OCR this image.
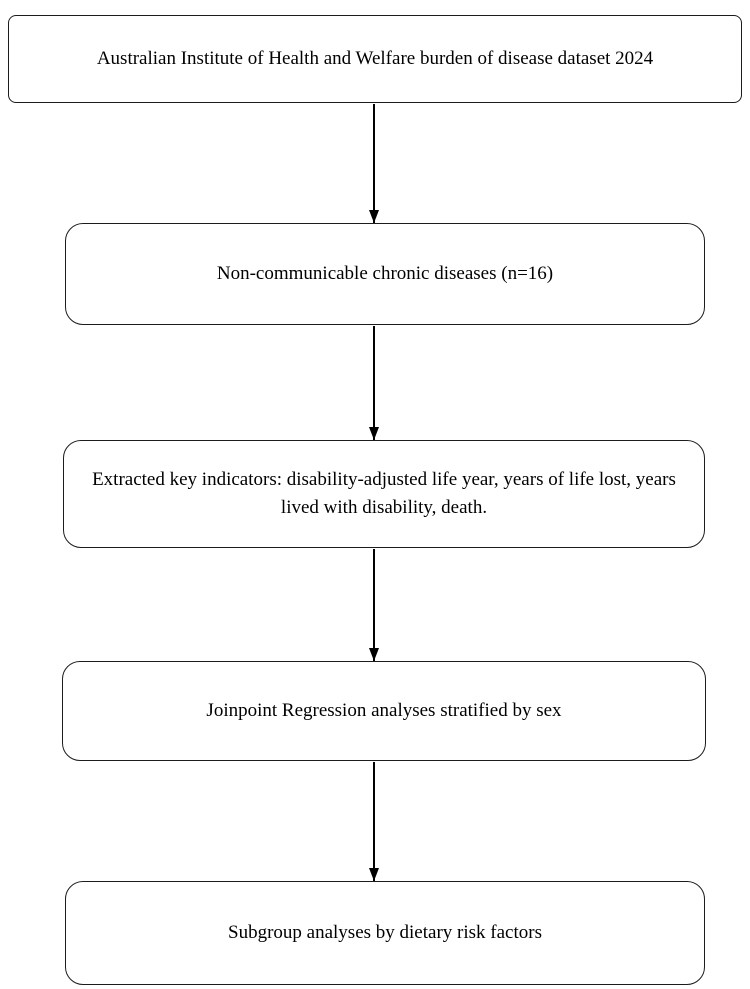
Australian Institute of Health and Welfare burden of disease dataset 2024
Non-communicable chronic diseases (n=16)
Extracted key indicators: disability-adjusted life year, years of life lost, years lived with disability, death.
Joinpoint Regression analyses stratified by sex
Subgroup analyses by dietary risk factors
